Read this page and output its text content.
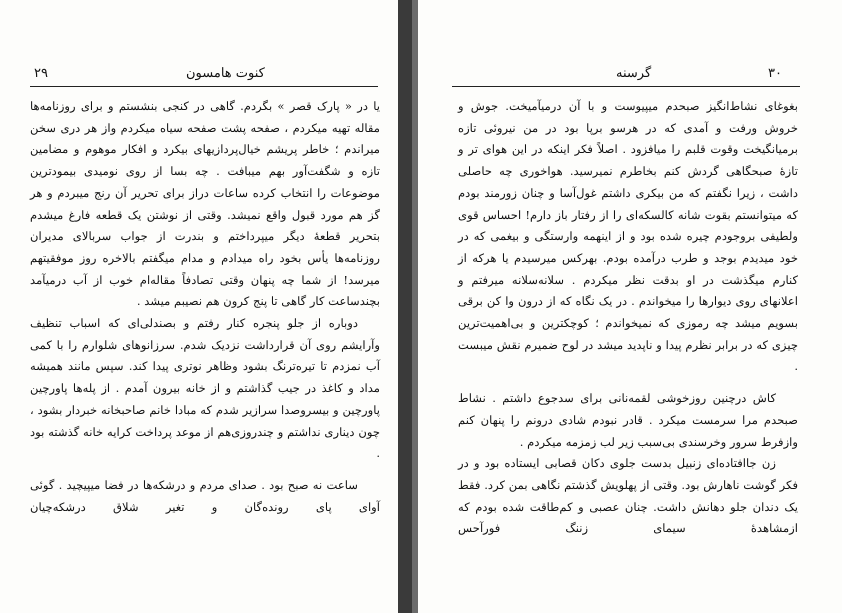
۲۹	کنوت هامسون

یا در « پارک قصر » بگردم. گاهی در کنجی بنشستم و برای روزنامه‌ها مقاله تهیه میکردم ، صفحه پشت صفحه سیاه میکردم واز هر دری سخن میراندم ؛ خاطر پریشم خیال‌پردازیهای بیکرد و افکار موهوم و مضامین تازه و شگفت‌آور بهم میبافت . چه بسا از روی نومیدی بیمودترین موضوعات را انتخاب کرده ساعات دراز برای تحریر آن رنج میبردم و هر گز هم مورد قبول واقع نمیشد. وقتی از نوشتن یک قطعه فارغ میشدم بتحریر قطعهٔ دیگر میپرداختم و بندرت از جواب سربالای مدیران روزنامه‌ها یأس بخود راه میدادم و مدام میگفتم بالاخره روز موفقیتهم میرسد! از شما چه پنهان وقتی تصادفاً مقاله‌ام خوب از آب درمیآمد بچندساعت کار گاهی تا پنج کرون هم نصیبم میشد .

دوباره از جلو پنجره کنار رفتم و بصندلی‌ای که اسباب تنظیف وآرایشم روی آن قرارداشت نزدیک شدم. سرزانوهای شلوارم را با کمی آب نمزدم تا تیره‌ترنگ بشود وظاهر نوتری پیدا کند. سپس مانند همیشه مداد و کاغذ در جیب گذاشتم و از خانه بیرون آمدم . از پله‌ها پاورچین پاورچین و بیسروصدا سرازیر شدم که مبادا خانم صاحبخانه خبردار بشود ، چون دیناری نداشتم و چندروزی‌هم از موعد پرداخت کرایه خانه گذشته بود .

ساعت نه صبح بود . صدای مردم و درشکه‌ها در فضا میپیچید . گوئی آوای پای رونده‌گان و تغیر شلاق درشکه‌چیان

گرسنه	۳۰

بغوغای نشاط‌انگیز صبحدم میپیوست و با آن درمیآمیخت. جوش و خروش ورفت و آمدی که در هرسو برپا بود در من نیروئی تازه برمیانگیخت وقوت قلبم را میافزود . اصلاً فکر اینکه در این هوای تر و تازهٔ صبحگاهی گردش کنم بخاطرم نمیرسید. هواخوری چه حاصلی داشت ، زیرا نگفتم که من بیکری داشتم غول‌آسا و چنان زورمند بودم که میتوانستم بقوت شانه کالسکه‌ای را از رفتار باز دارم! احساس قوی ولطیفی بروجودم چیره شده بود و از اینهمه وارستگی و بیغمی که در خود میدیدم بوجد و طرب درآمده بودم. بهرکس میرسیدم یا هرکه از کنارم میگذشت در او بدقت نظر میکردم . سلانه‌سلانه میرفتم و اعلانهای روی دیوارها را میخواندم . در یک نگاه که از درون وا کن برقی بسویم میشد چه رموزی که نمیخواندم ؛ کوچکترین و بی‌اهمیت‌ترین چیزی که در برابر نظرم پیدا و ناپدید میشد در لوح ضمیرم نقش میبست .

کاش درچنین روزخوشی لقمه‌نانی برای سدجوع داشتم . نشاط صبحدم مرا سرمست میکرد . قادر نبودم شادی درونم را پنهان کنم وازفرط سرور وخرسندی بی‌سبب زیر لب زمزمه میکردم .

زن جاافتاده‌ای زنبیل بدست جلوی دکان قصابی ایستاده بود و در فکر گوشت ناهارش بود. وقتی از پهلویش گذشتم نگاهی بمن کرد. فقط یک دندان جلو دهانش داشت. چنان عصبی و کم‌طاقت شده بودم که ازمشاهدهٔ سیمای زننگ فورآحس
